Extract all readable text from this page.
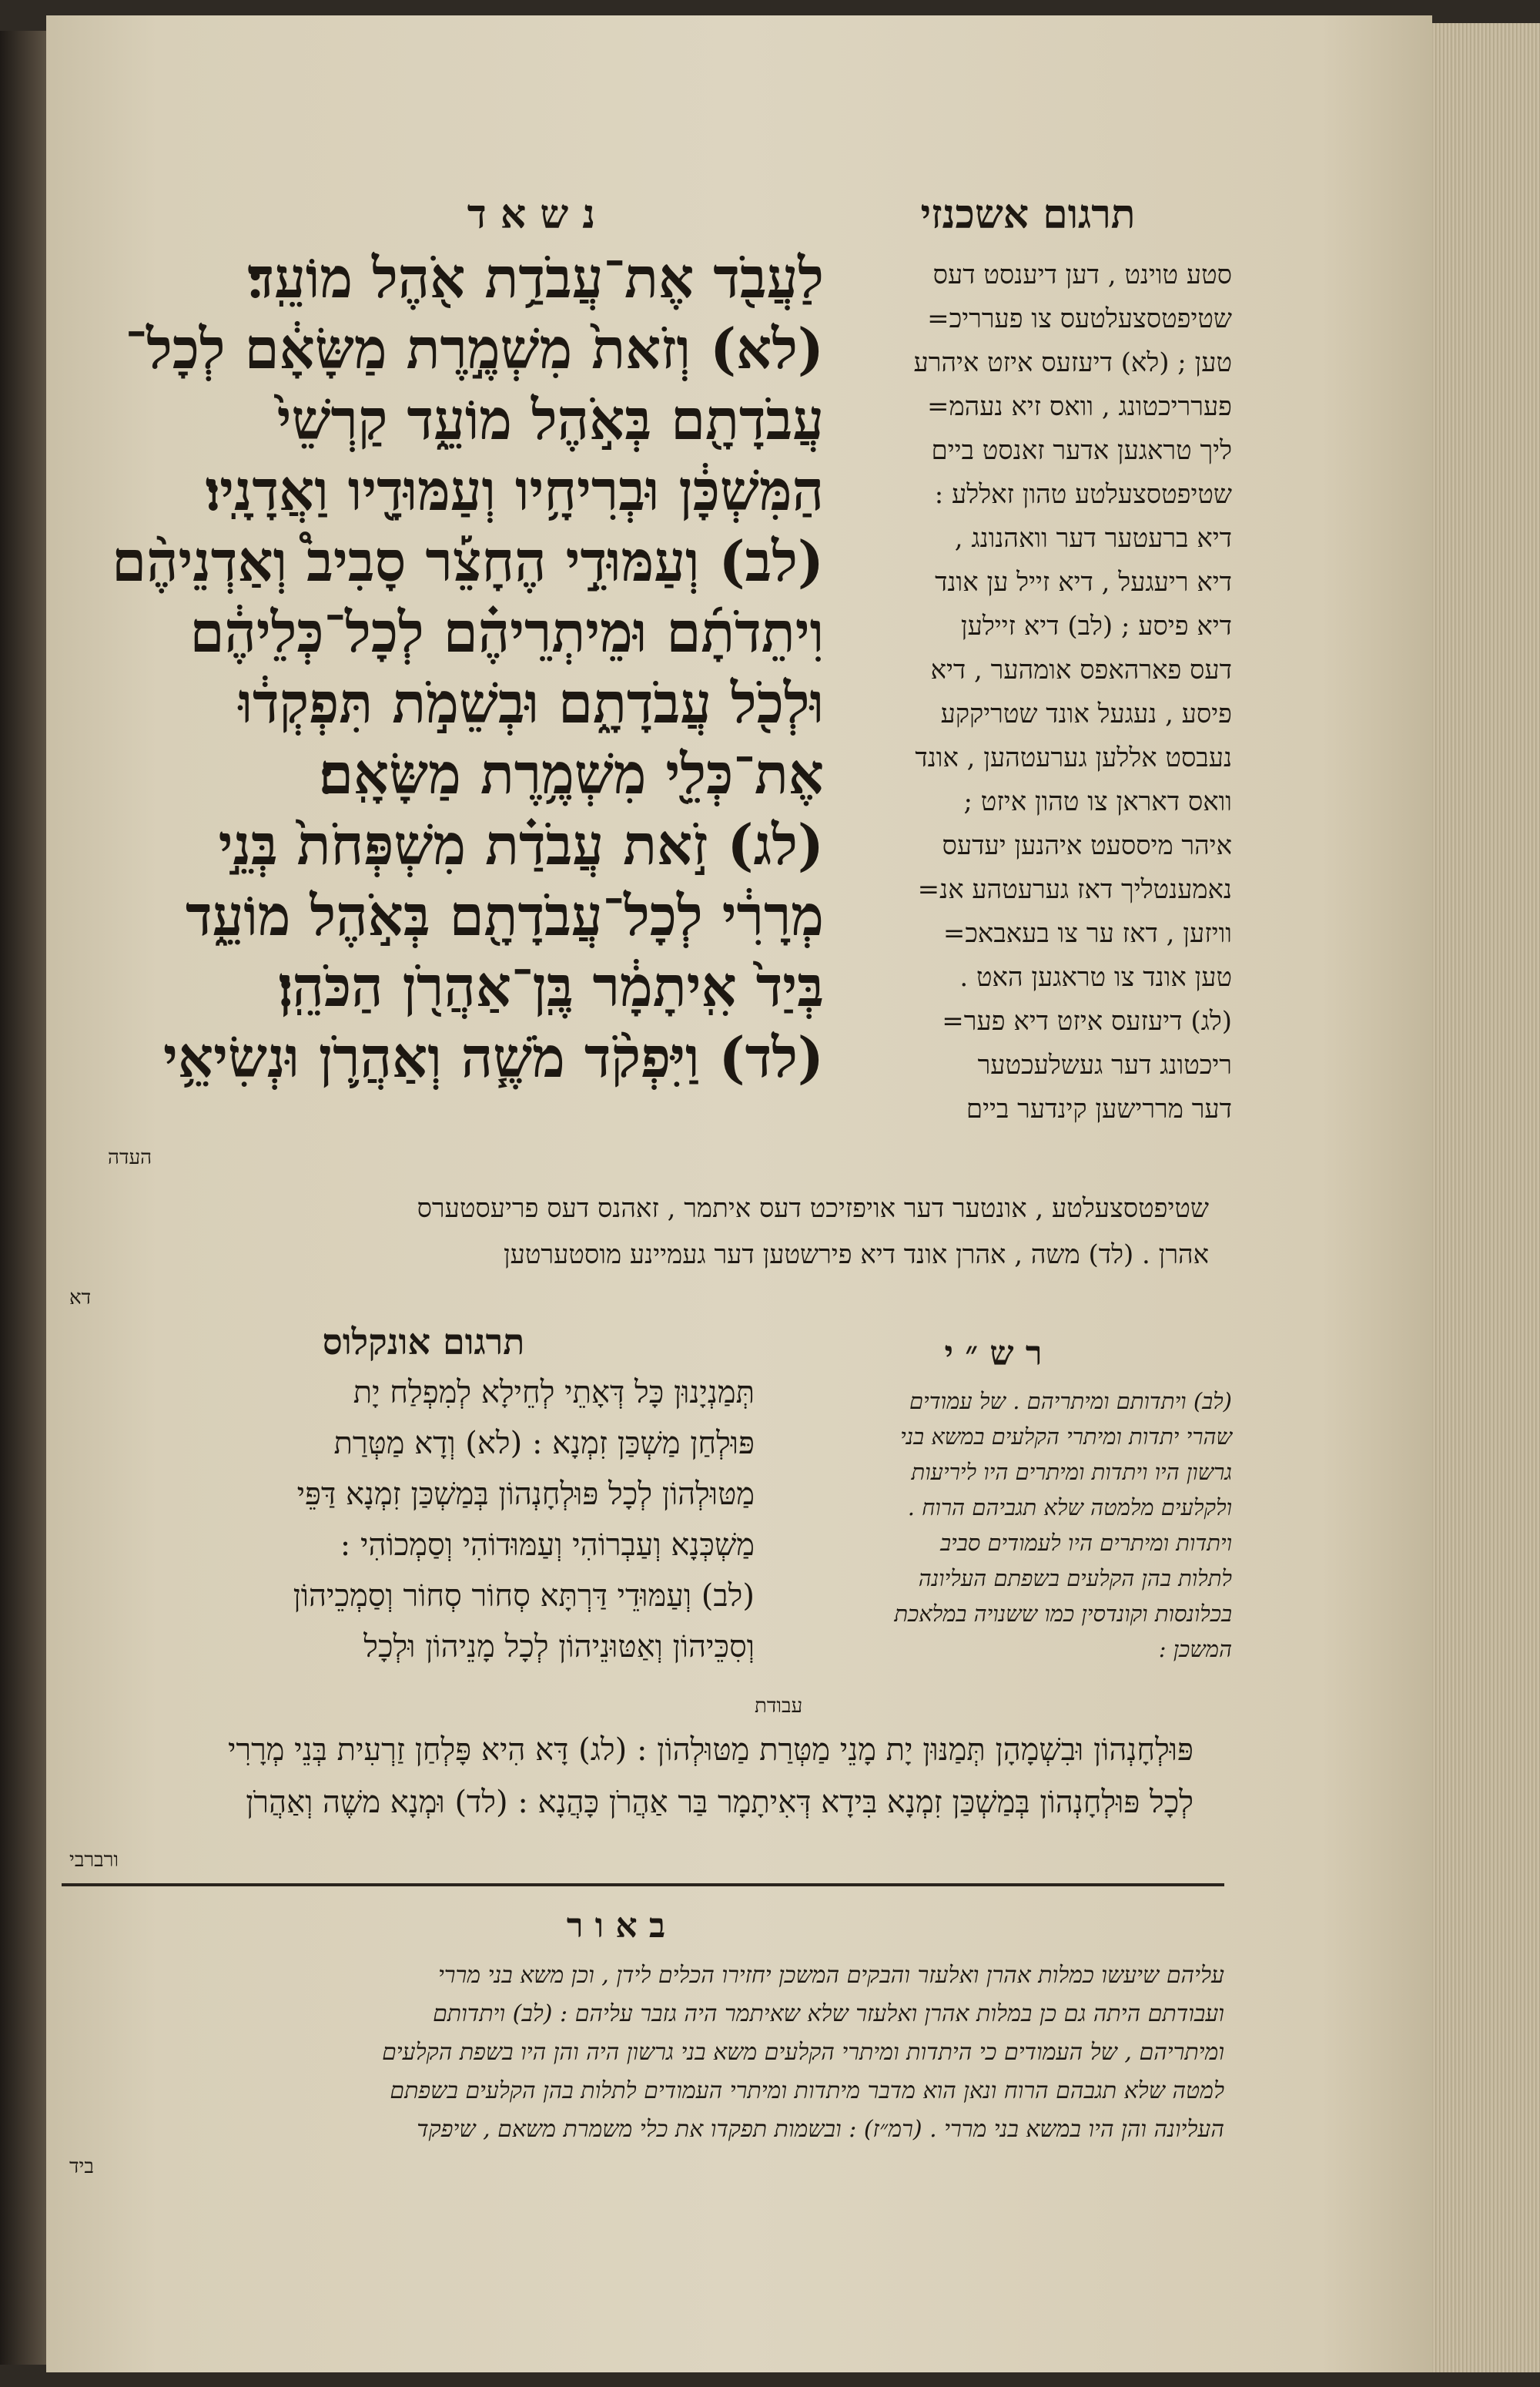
תרגום אשכנזי
נ ש א ד
לַעֲבֹ֖ד אֶת־עֲבֹדַ֥ת אֹ֖הֶל מוֹעֵֽד׃
(לא) וְזֹאת֙ מִשְׁמֶ֣רֶת מַשָּׂאָ֔ם לְכָל־
עֲבֹדָתָ֖ם בְּאֹ֣הֶל מוֹעֵ֑ד קַרְשֵׁי֙
הַמִּשְׁכָּ֔ן וּבְרִיחָ֥יו וְעַמּוּדָ֖יו וַאֲדָנָֽיו׃
(לב) וְעַמּוּדֵ֣י הֶחָצֵ֡ר סָבִיב֩ וְאַדְנֵיהֶ֨ם
וִיתֵדֹתָ֜ם וּמֵיתְרֵיהֶ֗ם לְכָל־כְּלֵיהֶ֔ם
וּלְכֹ֖ל עֲבֹדָתָ֑ם וּבְשֵׁמֹ֣ת תִּפְקְד֔וּ
אֶת־כְּלֵ֖י מִשְׁמֶ֥רֶת מַשָּׂאָֽם׃
(לג) זֹ֣את עֲבֹדַ֗ת מִשְׁפְּחֹת֙ בְּנֵ֣י
מְרָרִ֔י לְכָל־עֲבֹדָתָ֖ם בְּאֹ֣הֶל מוֹעֵ֑ד
בְּיַד֙ אִֽיתָמָ֔ר בֶּֽן־אַהֲרֹ֖ן הַכֹּהֵֽן׃
(לד) וַיִּפְקֹ֨ד מֹשֶׁ֧ה וְאַהֲרֹ֛ן וּנְשִׂיאֵ֥י
העדה
סטע טוינט , דען דיענסט דעס
שטיפטסצעלטעס צו פערריכ=
טען ; (לא) דיעזעס איזט איהרע
פערריכטונג , וואס זיא נעהמ=
ליך טראגען אדער זאנסט ביים
שטיפטסצעלטע טהון זאללע :
דיא ברעטער דער וואהנונג ,
דיא ריעגעל , דיא זייל ען אונד
דיא פיסע ; (לב) דיא זיילען
דעס פארהאפס אומהער , דיא
פיסע , נעגעל אונד שטריקקע
נעבסט אללען גערעטהען , אונד
וואס דאראן צו טהון איזט ;
איהר מיססעט איהנען יעדעס
נאמענטליך דאז גערעטהע אנ=
וויזען , דאז ער צו בעאבאכ=
טען אונד צו טראגען האט .
(לג) דיעזעס איזט דיא פער=
ריכטונג דער געשלעכטער
דער מררישען קינדער ביים
שטיפטסצעלטע , אונטער דער אויפזיכט דעס איתמר , זאהנס דעס פריעסטערס
אהרן . (לד) משה , אהרן אונד דיא פירשטען דער געמיינע מוסטערטען
דא
תרגום אונקלוס
תְּמַנְיָנוּן כָּל דְּאָתֵי לְחֵילָא לְמִפְלַח יָת
פּוּלְחַן מַשְׁכַּן זִמְנָא : (לא) וְדָא מַטְּרַת
מַטּוּלְהוֹן לְכָל פּוּלְחָנְהוֹן בְּמַשְׁכַּן זִמְנָא דַּפֵּי
מַשְׁכְּנָא וְעַבְרוֹהִי וְעַמּוּדוֹהִי וְסַמְכוֹהִי :
(לב) וְעַמּוּדֵי דַּרְתָּא סְחוֹר סְחוֹר וְסַמְכֵיהוֹן
וְסִכֵּיהוֹן וְאַטּוּנֵיהוֹן לְכָל מָנֵיהוֹן וּלְכָל
עבודת
ר ש ״ י
(לב) ויתדותם ומיתריהם . של עמודים
שהרי יתדות ומיתרי הקלעים במשא בני
גרשון היו ויתדות ומיתרים היו ליריעות
ולקלעים מלמטה שלא תגביהם הרוח .
ויתדות ומיתרים היו לעמודים סביב
לתלות בהן הקלעים בשפתם העליונה
בכלונסות וקונדסין כמו ששנויה במלאכת
המשכן :
פּוּלְחָנְהוֹן וּבִשְׁמָהָן תְּמַנּוּן יָת מָנֵי מַטְּרַת מַטּוּלְהוֹן : (לג) דָּא הִיא פָּלְחַן זַרְעִית בְּנֵי מְרָרִי
לְכָל פּוּלְחָנְהוֹן בְּמַשְׁכַּן זִמְנָא בִּידָא דְּאִיתָמָר בַּר אַהֲרֹן כָּהֲנָא : (לד) וּמְנָא משֶׁה וְאַהֲרֹן
ורברבי
ב א ו ר
עליהם שיעשו כמלות אהרן ואלעזר והבקים המשכן יחזירו הכלים לידן , וכן משא בני מררי
ועבודתם היתה גם כן במלות אהרן ואלעזר שלא שאיתמר היה גזבר עליהם : (לב) ויתדותם
ומיתריהם , של העמודים כי היתדות ומיתרי הקלעים משא בני גרשון היה והן היו בשפת הקלעים
למטה שלא תגבהם הרוח ונאן הוא מדבר מיתדות ומיתרי העמודים לתלות בהן הקלעים בשפתם
העליונה והן היו במשא בני מררי . (רמ״ז) : ובשמות תפקדו את כלי משמרת משאם , שיפקד
ביד
